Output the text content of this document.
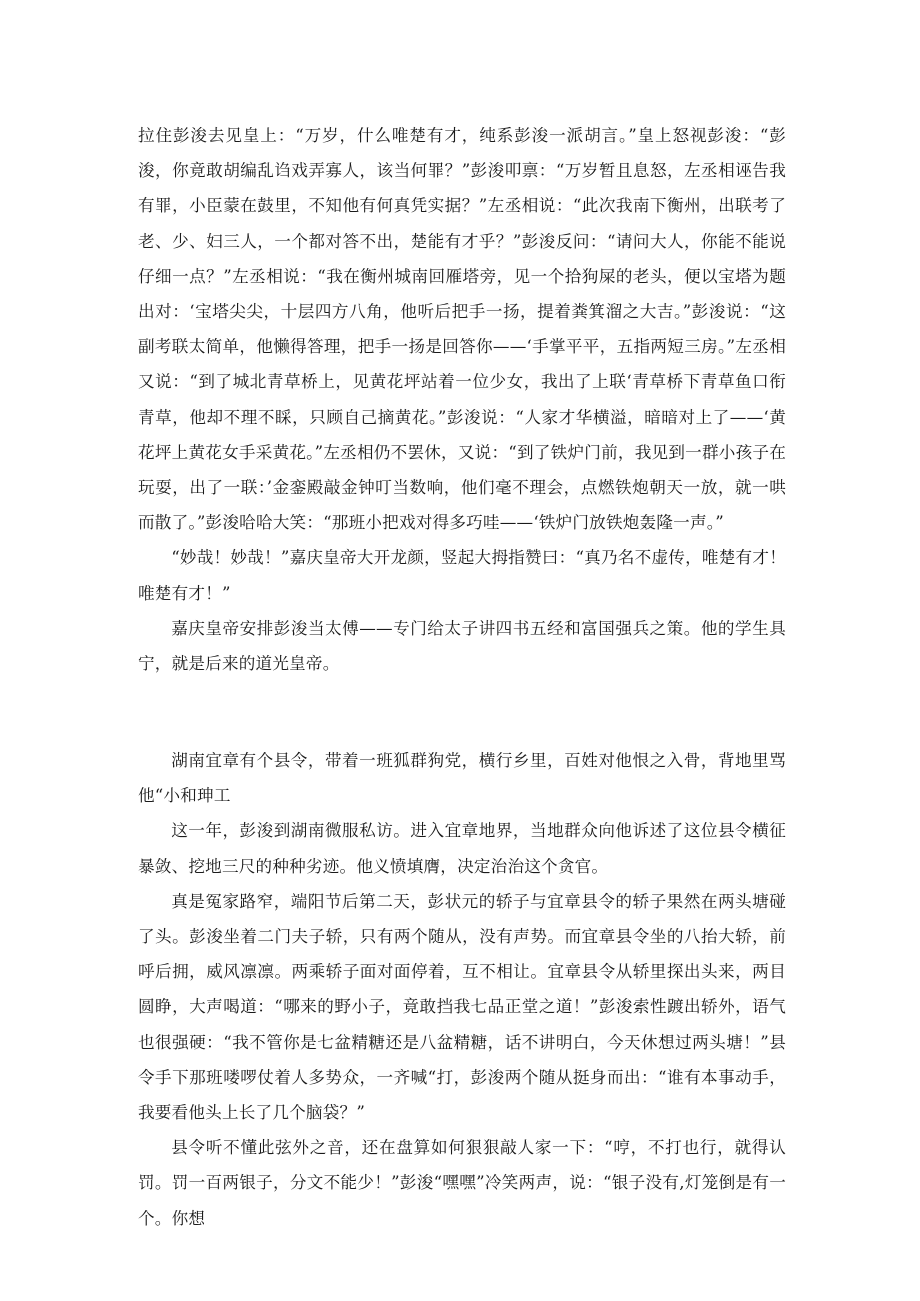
拉住彭浚去见皇上：“万岁，什么唯楚有才，纯系彭浚一派胡言。”皇上怒视彭浚：“彭浚，你竟敢胡编乱诌戏弄寡人，该当何罪？”彭浚叩禀：“万岁暂且息怒，左丞相诬告我有罪，小臣蒙在鼓里，不知他有何真凭实据？”左丞相说：“此次我南下衡州，出联考了老、少、妇三人，一个都对答不出，楚能有才乎？”彭浚反问：“请问大人，你能不能说仔细一点？”左丞相说：“我在衡州城南回雁塔旁，见一个拾狗屎的老头，便以宝塔为题出对：‘宝塔尖尖，十层四方八角，他听后把手一扬，提着粪箕溜之大吉。”彭浚说：“这副考联太简单，他懒得答理，把手一扬是回答你——‘手掌平平，五指两短三房。”左丞相又说：“到了城北青草桥上，见黄花坪站着一位少女，我出了上联‘青草桥下青草鱼口衔青草，他却不理不睬，只顾自己摘黄花。”彭浚说：“人家才华横溢，暗暗对上了——‘黄花坪上黄花女手采黄花。”左丞相仍不罢休，又说：“到了铁炉门前，我见到一群小孩子在玩耍，出了一联：’金銮殿敲金钟叮当数响，他们毫不理会，点燃铁炮朝天一放，就一哄而散了。”彭浚哈哈大笑：“那班小把戏对得多巧哇——‘铁炉门放铁炮轰隆一声。”

“妙哉！妙哉！”嘉庆皇帝大开龙颜，竖起大拇指赞曰：“真乃名不虚传，唯楚有才！唯楚有才！”

嘉庆皇帝安排彭浚当太傅——专门给太子讲四书五经和富国强兵之策。他的学生具宁，就是后来的道光皇帝。

湖南宜章有个县令，带着一班狐群狗党，横行乡里，百姓对他恨之入骨，背地里骂他“小和珅工

这一年，彭浚到湖南微服私访。进入宜章地界，当地群众向他诉述了这位县令横征暴敛、挖地三尺的种种劣迹。他义愤填膺，决定治治这个贪官。

真是冤家路窄，端阳节后第二天，彭状元的轿子与宜章县令的轿子果然在两头塘碰了头。彭浚坐着二门夫子轿，只有两个随从，没有声势。而宜章县令坐的八抬大轿，前呼后拥，威风凛凛。两乘轿子面对面停着，互不相让。宜章县令从轿里探出头来，两目圆睁，大声喝道：“哪来的野小子，竟敢挡我七品正堂之道！”彭浚索性踱出轿外，语气也很强硬：“我不管你是七盆精糖还是八盆精糖，话不讲明白，今天休想过两头塘！”县令手下那班喽啰仗着人多势众，一齐喊“打，彭浚两个随从挺身而出：“谁有本事动手，我要看他头上长了几个脑袋？”

县令听不懂此弦外之音，还在盘算如何狠狠敲人家一下：“哼，不打也行，就得认罚。罚一百两银子，分文不能少！”彭浚“嘿嘿”冷笑两声，说：“银子没有,灯笼倒是有一个。你想
